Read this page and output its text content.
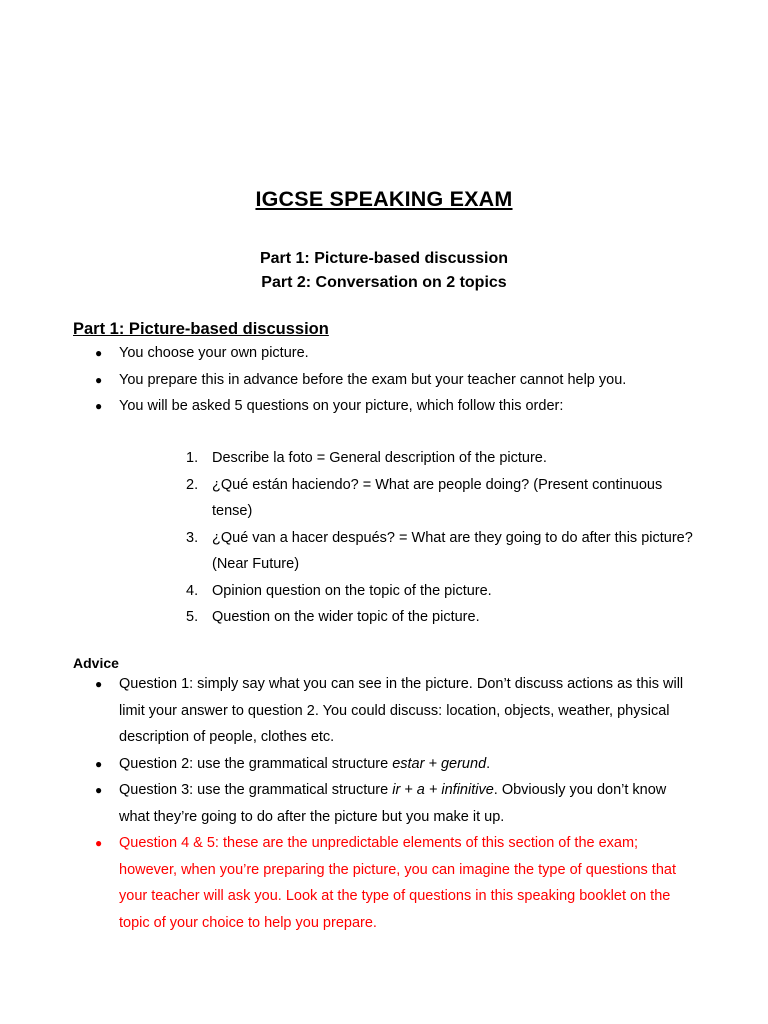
IGCSE SPEAKING EXAM
Part 1: Picture-based discussion
Part 2: Conversation on 2 topics
Part 1: Picture-based discussion
●	You choose your own picture.
●	You prepare this in advance before the exam but your teacher cannot help you.
●	You will be asked 5 questions on your picture, which follow this order:
1. Describe la foto = General description of the picture.
2. ¿Qué están haciendo? = What are people doing? (Present continuous tense)
3. ¿Qué van a hacer después? = What are they going to do after this picture? (Near Future)
4. Opinion question on the topic of the picture.
5. Question on the wider topic of the picture.
Advice
●	Question 1: simply say what you can see in the picture. Don’t discuss actions as this will limit your answer to question 2. You could discuss: location, objects, weather, physical description of people, clothes etc.
●	Question 2: use the grammatical structure estar + gerund.
●	Question 3: use the grammatical structure ir + a + infinitive. Obviously you don’t know what they’re going to do after the picture but you make it up.
●	Question 4 & 5: these are the unpredictable elements of this section of the exam; however, when you’re preparing the picture, you can imagine the type of questions that your teacher will ask you. Look at the type of questions in this speaking booklet on the topic of your choice to help you prepare.
